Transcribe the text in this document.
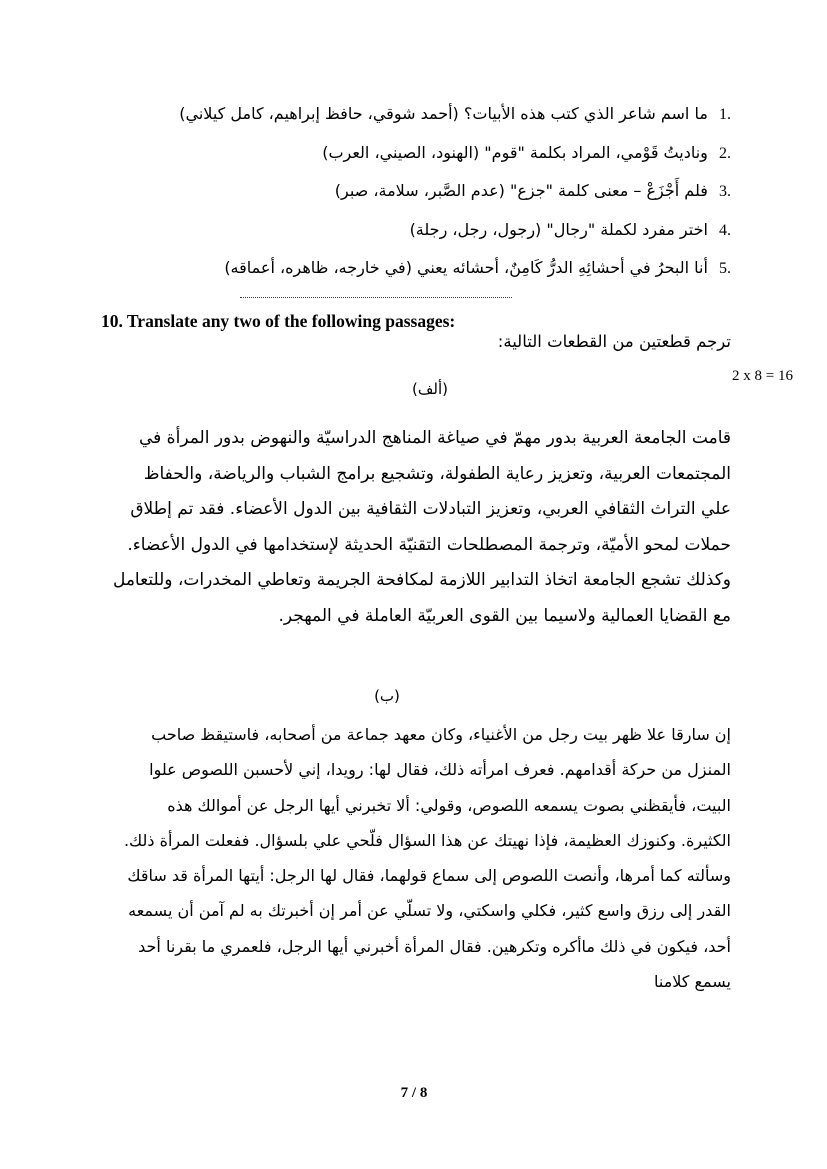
.1 ما اسم شاعر الذي كتب هذه الأبيات؟ (أحمد شوقي، حافظ إبراهيم، كامل كيلاني)
.2 وناديتُ قَوْمي، المراد بكلمة "قوم" (الهنود، الصيني، العرب)
.3 فلم أَجْزَعْ – معنى كلمة "جزع" (عدم الصَّبر، سلامة، صبر)
.4 اختر مفرد لكملة "رجال" (رجول، رجل، رجلة)
.5 أنا البحرُ في أحشائِهِ الدرُّ كَامِنٌ، أحشائه يعني (في خارجه، ظاهره، أعماقه)
10. Translate any two of the following passages:
ترجم قطعتين من القطعات التالية:
2 x 8 = 16
(ألف)
قامت الجامعة العربية بدور مهمّ في صياغة المناهج الدراسيّة والنهوض بدور المرأة في
المجتمعات العربية، وتعزيز رعاية الطفولة، وتشجيع برامج الشباب والرياضة، والحفاظ
علي التراث الثقافي العربي، وتعزيز التبادلات الثقافية بين الدول الأعضاء. فقد تم إطلاق
حملات لمحو الأميّة، وترجمة المصطلحات التقنيّة الحديثة لإستخدامها في الدول الأعضاء.
وكذلك تشجع الجامعة اتخاذ التدابير اللازمة لمكافحة الجريمة وتعاطي المخدرات، وللتعامل
مع القضايا العمالية ولاسيما بين القوى العربيّة العاملة في المهجر.
(ب)
إن سارقا علا ظهر بيت رجل من الأغنياء، وكان معهد جماعة من أصحابه، فاستيقظ صاحب
المنزل من حركة أقدامهم. فعرف امرأته ذلك، فقال لها: رويدا، إني لأحسبن اللصوص علوا
البيت، فأيقظني بصوت يسمعه اللصوص، وقولي: ألا تخبرني أيها الرجل عن أموالك هذه
الكثيرة. وكنوزك العظيمة، فإذا نهيتك عن هذا السؤال فلّحي علي بلسؤال. ففعلت المرأة ذلك.
وسألته كما أمرها، وأنصت اللصوص إلى سماع قولهما، فقال لها الرجل: أيتها المرأة قد ساقك
القدر إلى رزق واسع كثير، فكلي واسكتي، ولا تسلّي عن أمر إن أخبرتك به لم آمن أن يسمعه
أحد، فيكون في ذلك ماأكره وتكرهين. فقال المرأة أخبرني أيها الرجل، فلعمري ما بقرنا أحد
يسمع كلامنا
7 / 8
